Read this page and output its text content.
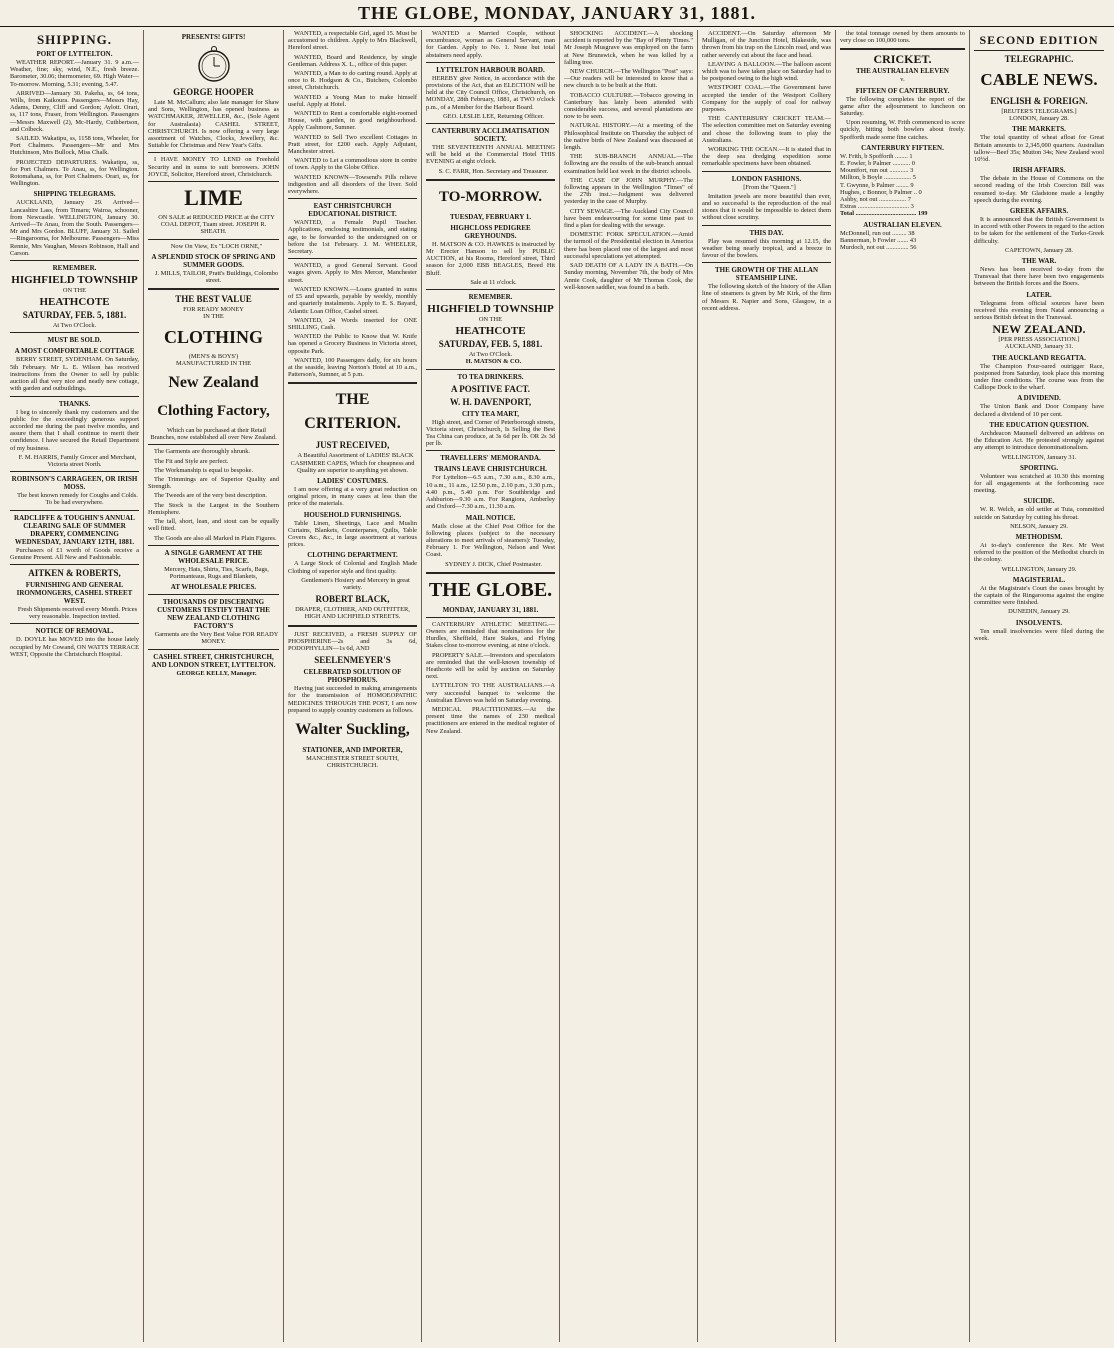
THE GLOBE, MONDAY, JANUARY 31, 1881.
SHIPPING.
PORT OF LYTTELTON.

WEATHER REPORT.—January 31. 9 a.m.—Weather, fine; sky, wind, N.E., fresh breeze. Barometer, 30.06; thermometer, 69. High Water—To-morrow. Morning, 5.31; evening, 5.47.

ARRIVED—January 30. Pakeha, ss, 64 tons, Wills, from Kaikoura. Passengers—Messrs Hay, Adams, Denny, Cliff and Gordon; Aylott. Orari, ss, 117 tons, Fraser, from Wellington. Passengers—Messrs Maxwell (2), Mc-Hardy, Cuthbertson, and Colbeck.

SAILED. Wakatipu, ss, 1158 tons, Wheeler, for Port Chalmers. Passengers—Mr and Mrs Hutchinson, Mrs Bullock, Miss Chalk.

PROJECTED DEPARTURES. Wakatipu, ss, for Port Chalmers. Te Anau, ss, for Wellington. Rotomahana, ss, for Port Chalmers. Orari, ss, for Wellington.

SHIPPING TELEGRAMS.

AUCKLAND, January 29. Arrived—Lancashire Lass, from Timaru; Wairoa, schooner, from Newcastle. WELLINGTON, January 30. Arrived—Te Anau, from the South. Passengers—Mr and Mrs Gordon. BLUFF, January 31. Sailed—Ringarooma, for Melbourne. Passengers—Miss Rennie, Mrs Vaughan, Messrs Robinson, Hall and Carson.

REMEMBER.
HIGHFIELD TOWNSHIP
ON THE
HEATHCOTE
SATURDAY, FEB. 5, 1881.
At Two O'Clock.
MUST BE SOLD.
A MOST COMFORTABLE COTTAGE

BERRY STREET, SYDENHAM. On Saturday, 5th February. Mr L. E. Wilson has received instructions from the Owner to sell by public auction all that very nice and neatly new cottage, with garden and outbuildings.

THANKS.

I beg to sincerely thank my customers and the public for the exceedingly generous support accorded me during the past twelve months, and assure them that I shall continue to merit their confidence. I have secured the Retail Department of my business.

F. M. HARRIS, Family Grocer and Merchant, Victoria street North.

ROBINSON'S CARRAGEEN, OR IRISH MOSS.

The best known remedy for Coughs and Colds. To be had everywhere.

RADCLIFFE & TOUGHIN'S ANNUAL CLEARING SALE OF SUMMER DRAPERY, COMMENCING WEDNESDAY, JANUARY 12TH, 1881.

Purchasers of £1 worth of Goods receive a Genuine Present. All New and Fashionable.

AITKEN & ROBERTS,
FURNISHING AND GENERAL IRONMONGERS, CASHEL STREET WEST.

Fresh Shipments received every Month. Prices very reasonable. Inspection invited.

NOTICE OF REMOVAL.

D. DOYLE has MOVED into the house lately occupied by Mr Cowand, ON WATTS TERRACE WEST, Opposite the Christchurch Hospital.

PRESENTS! GIFTS!
GEORGE HOOPER

Late M. McCallum; also late manager for Shaw and Sons, Wellington, has opened business as WATCHMAKER, JEWELLER, &c., (Sole Agent for Australasia) CASHEL STREET, CHRISTCHURCH. Is now offering a very large assortment of Watches, Clocks, Jewellery, &c. Suitable for Christmas and New Year's Gifts.

I HAVE MONEY TO LEND on Freehold Security and in sums to suit borrowers. JOHN JOYCE, Solicitor, Hereford street, Christchurch.

LIME

ON SALE at REDUCED PRICE at the CITY COAL DEPOT, Tuam street. JOSEPH R. SHEATH.

Now On View, Ex "LOCH ORNE,"

A SPLENDID STOCK OF SPRING AND SUMMER GOODS.

J. MILLS, TAILOR, Pratt's Buildings, Colombo street.

THE BEST VALUE
FOR READY MONEY
IN THE
CLOTHING
(MEN'S & BOYS')
MANUFACTURED IN THE
New Zealand
Clothing Factory,

Which can be purchased at their Retail Branches, now established all over New Zealand.

The Garments are thoroughly shrunk.

The Fit and Style are perfect.

The Workmanship is equal to bespoke.

The Trimmings are of Superior Quality and Strength.

The Tweeds are of the very best description.

The Stock is the Largest in the Southern Hemisphere.

The tall, short, lean, and stout can be equally well fitted.

The Goods are also all Marked in Plain Figures.

A SINGLE GARMENT AT THE WHOLESALE PRICE.

Mercery, Hats, Shirts, Ties, Scarfs, Bags, Portmanteaus, Rugs and Blankets,

AT WHOLESALE PRICES.
THOUSANDS OF DISCERNING CUSTOMERS TESTIFY THAT THE NEW ZEALAND CLOTHING FACTORY'S

Garments are the Very Best Value FOR READY MONEY.

CASHEL STREET, CHRISTCHURCH, AND LONDON STREET, LYTTELTON.

GEORGE KELLY, Manager.

WANTED, a respectable Girl, aged 15. Must be accustomed to children. Apply to Mrs Blackwell, Hereford street.

WANTED, Board and Residence, by single Gentleman. Address X. L., office of this paper.

WANTED, a Man to do carting round. Apply at once to R. Hodgson & Co., Butchers, Colombo street, Christchurch.

WANTED a Young Man to make himself useful. Apply at Hotel.

WANTED to Rent a comfortable eight-roomed House, with garden, in good neighbourhood. Apply Cashmore, Sumner.

WANTED to Sell Two excellent Cottages in Pratt street, for £200 each. Apply Adjutant, Manchester street.

WANTED to Let a commodious store in centre of town. Apply to the Globe Office.

WANTED KNOWN—Towsend's Pills relieve indigestion and all disorders of the liver. Sold everywhere.

EAST CHRISTCHURCH EDUCATIONAL DISTRICT.

WANTED, a Female Pupil Teacher. Applications, enclosing testimonials, and stating age, to be forwarded to the undersigned on or before the 1st February. J. M. WHEELER, Secretary.

WANTED, a good General Servant. Good wages given. Apply to Mrs Mercer, Manchester street.

WANTED KNOWN.—Loans granted in sums of £5 and upwards, payable by weekly, monthly and quarterly instalments. Apply to E. S. Bayard, Atlantic Loan Office, Cashel street.

WANTED, 24 Words inserted for ONE SHILLING, Cash.

WANTED the Public to Know that W. Knife has opened a Grocery Business in Victoria street, opposite Park.

WANTED, 100 Passengers daily, for six hours at the seaside, leaving Norton's Hotel at 10 a.m., Patterson's, Sumner, at 5 p.m.

THE CRITERION.
JUST RECEIVED,

A Beautiful Assortment of LADIES' BLACK CASHMERE CAPES, Which for cheapness and Quality are superior to anything yet shown.

LADIES' COSTUMES.

I am now offering at a very great reduction on original prices, in many cases at less than the price of the materials.

HOUSEHOLD FURNISHINGS.

Table Linen, Sheetings, Lace and Muslin Curtains, Blankets, Counterpanes, Quilts, Table Covers &c., &c., in large assortment at various prices.

CLOTHING DEPARTMENT.

A Large Stock of Colonial and English Made Clothing of superior style and first quality.

Gentlemen's Hosiery and Mercery in great variety.

ROBERT BLACK,
DRAPER, CLOTHIER, AND OUTFITTER,
HIGH AND LICHFIELD STREETS.

JUST RECEIVED, a FRESH SUPPLY OF PHOSPHERINE—2s and 3s 6d, PODOPHYLLIN—1s 6d, AND

SEELENMEYER'S
CELEBRATED SOLUTION OF PHOSPHORUS.

Having just succeeded in making arrangements for the transmission of HOMOEOPATHIC MEDICINES THROUGH THE POST, I am now prepared to supply country customers as follows.

Walter Suckling,
STATIONER, AND IMPORTER,
MANCHESTER STREET SOUTH, CHRISTCHURCH.

WANTED a Married Couple, without encumbrance, woman as General Servant, man for Garden. Apply to No. 1. None but total abstainers need apply.

LYTTELTON HARBOUR BOARD.

HEREBY give Notice, in accordance with the provisions of the Act, that an ELECTION will be held at the City Council Office, Christchurch, on MONDAY, 28th February, 1881, at TWO o'clock p.m., of a Member for the Harbour Board.

GEO. LESLIE LEE, Returning Officer.

CANTERBURY ACCLIMATISATION SOCIETY.

THE SEVENTEENTH ANNUAL MEETING will be held at the Commercial Hotel THIS EVENING at eight o'clock.

S. C. FARR, Hon. Secretary and Treasurer.

TO-MORROW.
TUESDAY, FEBRUARY 1.
HIGHCLOSS PEDIGREE GREYHOUNDS.

H. MATSON & CO. HAWKES is instructed by Mr Erecter Hanson to sell by PUBLIC AUCTION, at his Rooms, Hereford street, Third season for 2,000 EBB BEAGLES, Breed Hit Bluff.

Sale at 11 o'clock.

REMEMBER.
HIGHFIELD TOWNSHIP
ON THE
HEATHCOTE
SATURDAY, FEB. 5, 1881.
At Two O'Clock.

H. MATSON & CO.

TO TEA DRINKERS.
A POSITIVE FACT.
W. H. DAVENPORT,
CITY TEA MART,

High street, and Corner of Peterborough streets, Victoria street, Christchurch, Is Selling the Best Tea China can produce, at 3s 6d per lb. OR 2s 3d per lb.

TRAVELLERS' MEMORANDA.
TRAINS LEAVE CHRISTCHURCH.

For Lyttelton—6.5 a.m., 7.30 a.m., 8.30 a.m., 10 a.m., 11 a.m., 12.50 p.m., 2.10 p.m., 3.30 p.m., 4.40 p.m., 5.40 p.m. For Southbridge and Ashburton—9.30 a.m. For Rangiora, Amberley and Oxford—7.30 a.m., 11.30 a.m.

MAIL NOTICE.

Mails close at the Chief Post Office for the following places (subject to the necessary alterations to meet arrivals of steamers): Tuesday, February 1. For Wellington, Nelson and West Coast.

SYDNEY J. DICK, Chief Postmaster.

THE GLOBE.
MONDAY, JANUARY 31, 1881.

CANTERBURY ATHLETIC MEETING.—Owners are reminded that nominations for the Hurdles, Sheffield, Hare Stakes, and Flying Stakes close to-morrow evening, at nine o'clock.

PROPERTY SALE.—Investors and speculators are reminded that the well-known township of Heathcote will be sold by auction on Saturday next.

LYTTELTON TO THE AUSTRALIANS.—A very successful banquet to welcome the Australian Eleven was held on Saturday evening.

MEDICAL PRACTITIONERS.—At the present time the names of 230 medical practitioners are entered in the medical register of New Zealand.

SHOCKING ACCIDENT.—A shocking accident is reported by the "Bay of Plenty Times." Mr Joseph Musgrave was employed on the farm at New Brunswick, when he was killed by a falling tree.

NEW CHURCH.—The Wellington "Post" says:—Our readers will be interested to know that a new church is to be built at the Hutt.

TOBACCO CULTURE.—Tobacco growing in Canterbury has lately been attended with considerable success, and several plantations are now to be seen.

NATURAL HISTORY.—At a meeting of the Philosophical Institute on Thursday the subject of the native birds of New Zealand was discussed at length.

THE SUB-BRANCH ANNUAL.—The following are the results of the sub-branch annual examination held last week in the district schools.

THE CASE OF JOHN MURPHY.—The following appears in the Wellington "Times" of the 27th inst.:—Judgment was delivered yesterday in the case of Murphy.

CITY SEWAGE.—The Auckland City Council have been endeavouring for some time past to find a plan for dealing with the sewage.

DOMESTIC FORK SPECULATION.—Amid the turmoil of the Presidential election in America there has been placed one of the largest and most successful speculations yet attempted.

SAD DEATH OF A LADY IN A BATH.—On Sunday morning, November 7th, the body of Mrs Annie Cook, daughter of Mr Thomas Cook, the well-known saddler, was found in a bath.

ACCIDENT.—On Saturday afternoon Mr Mulligan, of the Junction Hotel, Blakeside, was thrown from his trap on the Lincoln road, and was rather severely cut about the face and head.

LEAVING A BALLOON.—The balloon ascent which was to have taken place on Saturday had to be postponed owing to the high wind.

WESTPORT COAL.—The Government have accepted the tender of the Westport Colliery Company for the supply of coal for railway purposes.

THE CANTERBURY CRICKET TEAM.—The selection committee met on Saturday evening and chose the following team to play the Australians.

WORKING THE OCEAN.—It is stated that in the deep sea dredging expedition some remarkable specimens have been obtained.

LONDON FASHIONS.

[From the "Queen."]

Imitation jewels are more beautiful than ever, and so successful is the reproduction of the real stones that it would be impossible to detect them without close scrutiny.

THIS DAY.

Play was resumed this morning at 12.15, the weather being nearly tropical, and a breeze in favour of the bowlers.

THE GROWTH OF THE ALLAN STEAMSHIP LINE.

The following sketch of the history of the Allan line of steamers is given by Mr Kirk, of the firm of Messrs R. Napier and Sons, Glasgow, in a recent address.

the total tonnage owned by them amounts to very close on 100,000 tons.

CRICKET.
THE AUSTRALIAN ELEVEN
v.
FIFTEEN OF CANTERBURY.

The following completes the report of the game after the adjournment to luncheon on Saturday.

Upon resuming, W. Frith commenced to score quickly, hitting both bowlers about freely. Spofforth made some fine catches.

CANTERBURY FIFTEEN.
W. Frith, b Spofforth ........ 1
E. Fowler, b Palmer ........... 0
Mountfort, run out ............ 3
Millton, b Boyle ................. 5
T. Gwynne, b Palmer ........ 9
Hughes, c Bonnor, b Palmer .. 0
Ashby, not out ................. 7
Extras ................................ 3
Total ...................................... 199
AUSTRALIAN ELEVEN.
McDonnell, run out ......... 38
Bannerman, b Fowler ....... 43
Murdoch, not out .............. 56
SECOND EDITION
TELEGRAPHIC.
CABLE NEWS.
ENGLISH & FOREIGN.
[REUTER'S TELEGRAMS.]
LONDON, January 28.
THE MARKETS.

The total quantity of wheat afloat for Great Britain amounts to 2,345,000 quarters. Australian tallow—Beef 35s; Mutton 34s; New Zealand wool 10½d.

IRISH AFFAIRS.

The debate in the House of Commons on the second reading of the Irish Coercion Bill was resumed to-day. Mr Gladstone made a lengthy speech during the evening.

GREEK AFFAIRS.

It is announced that the British Government is in accord with other Powers in regard to the action to be taken for the settlement of the Turko-Greek difficulty.

CAPETOWN, January 28.
THE WAR.

News has been received to-day from the Transvaal that there have been two engagements between the British forces and the Boers.

LATER.

Telegrams from official sources have been received this evening from Natal announcing a serious British defeat in the Transvaal.

NEW ZEALAND.
[PER PRESS ASSOCIATION.]
AUCKLAND, January 31.
THE AUCKLAND REGATTA.

The Champion Four-oared outrigger Race, postponed from Saturday, took place this morning under fine conditions. The course was from the Calliope Dock to the wharf.

A DIVIDEND.

The Union Bank and Door Company have declared a dividend of 10 per cent.

THE EDUCATION QUESTION.

Archdeacon Maunsell delivered an address on the Education Act. He protested strongly against any attempt to introduce denominationalism.

WELLINGTON, January 31.
SPORTING.

Volunteer was scratched at 10.30 this morning for all engagements at the forthcoming race meeting.

SUICIDE.

W. R. Welch, an old settler at Tuia, committed suicide on Saturday by cutting his throat.

NELSON, January 29.
METHODISM.

At to-day's conference the Rev. Mr West referred to the position of the Methodist church in the colony.

WELLINGTON, January 29.
MAGISTERIAL.

At the Magistrate's Court the cases brought by the captain of the Ringarooma against the engine committee were finished.

DUNEDIN, January 29.
INSOLVENTS.

Ten small insolvencies were filed during the week.
